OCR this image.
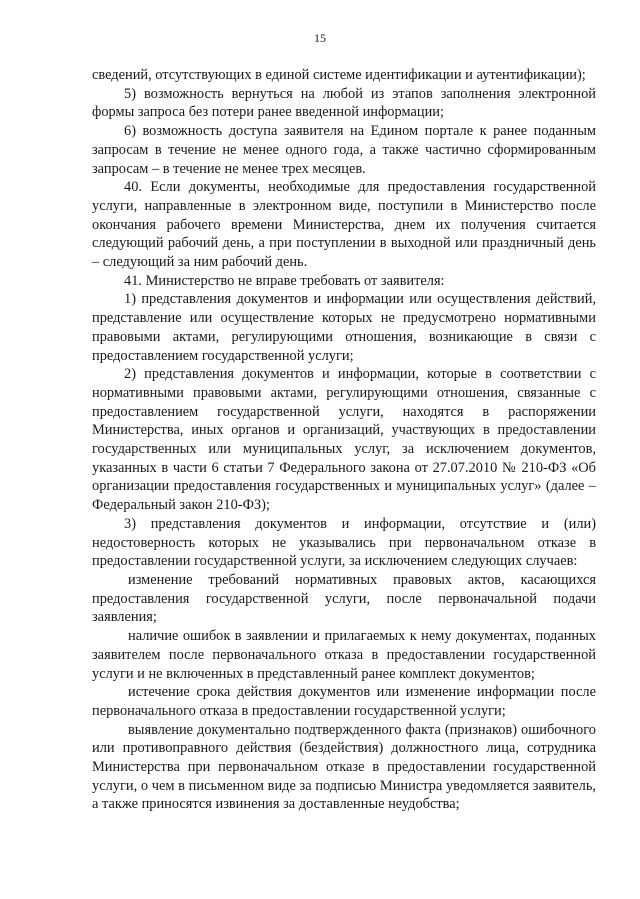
15

сведений, отсутствующих в единой системе идентификации и аутентификации);

5) возможность вернуться на любой из этапов заполнения электронной формы запроса без потери ранее введенной информации;

6) возможность доступа заявителя на Едином портале к ранее поданным запросам в течение не менее одного года, а также частично сформированным запросам – в течение не менее трех месяцев.

40. Если документы, необходимые для предоставления государственной услуги, направленные в электронном виде, поступили в Министерство после окончания рабочего времени Министерства, днем их получения считается следующий рабочий день, а при поступлении в выходной или праздничный день – следующий за ним рабочий день.

41. Министерство не вправе требовать от заявителя:

1) представления документов и информации или осуществления действий, представление или осуществление которых не предусмотрено нормативными правовыми актами, регулирующими отношения, возникающие в связи с предоставлением государственной услуги;

2) представления документов и информации, которые в соответствии с нормативными правовыми актами, регулирующими отношения, связанные с предоставлением государственной услуги, находятся в распоряжении Министерства, иных органов и организаций, участвующих в предоставлении государственных или муниципальных услуг, за исключением документов, указанных в части 6 статьи 7 Федерального закона от 27.07.2010 № 210-ФЗ «Об организации предоставления государственных и муниципальных услуг» (далее – Федеральный закон 210-ФЗ);

3) представления документов и информации, отсутствие и (или) недостоверность которых не указывались при первоначальном отказе в предоставлении государственной услуги, за исключением следующих случаев:

изменение требований нормативных правовых актов, касающихся предоставления государственной услуги, после первоначальной подачи заявления;

наличие ошибок в заявлении и прилагаемых к нему документах, поданных заявителем после первоначального отказа в предоставлении государственной услуги и не включенных в представленный ранее комплект документов;

истечение срока действия документов или изменение информации после первоначального отказа в предоставлении государственной услуги;

выявление документально подтвержденного факта (признаков) ошибочного или противоправного действия (бездействия) должностного лица, сотрудника Министерства при первоначальном отказе в предоставлении государственной услуги, о чем в письменном виде за подписью Министра уведомляется заявитель, а также приносятся извинения за доставленные неудобства;
